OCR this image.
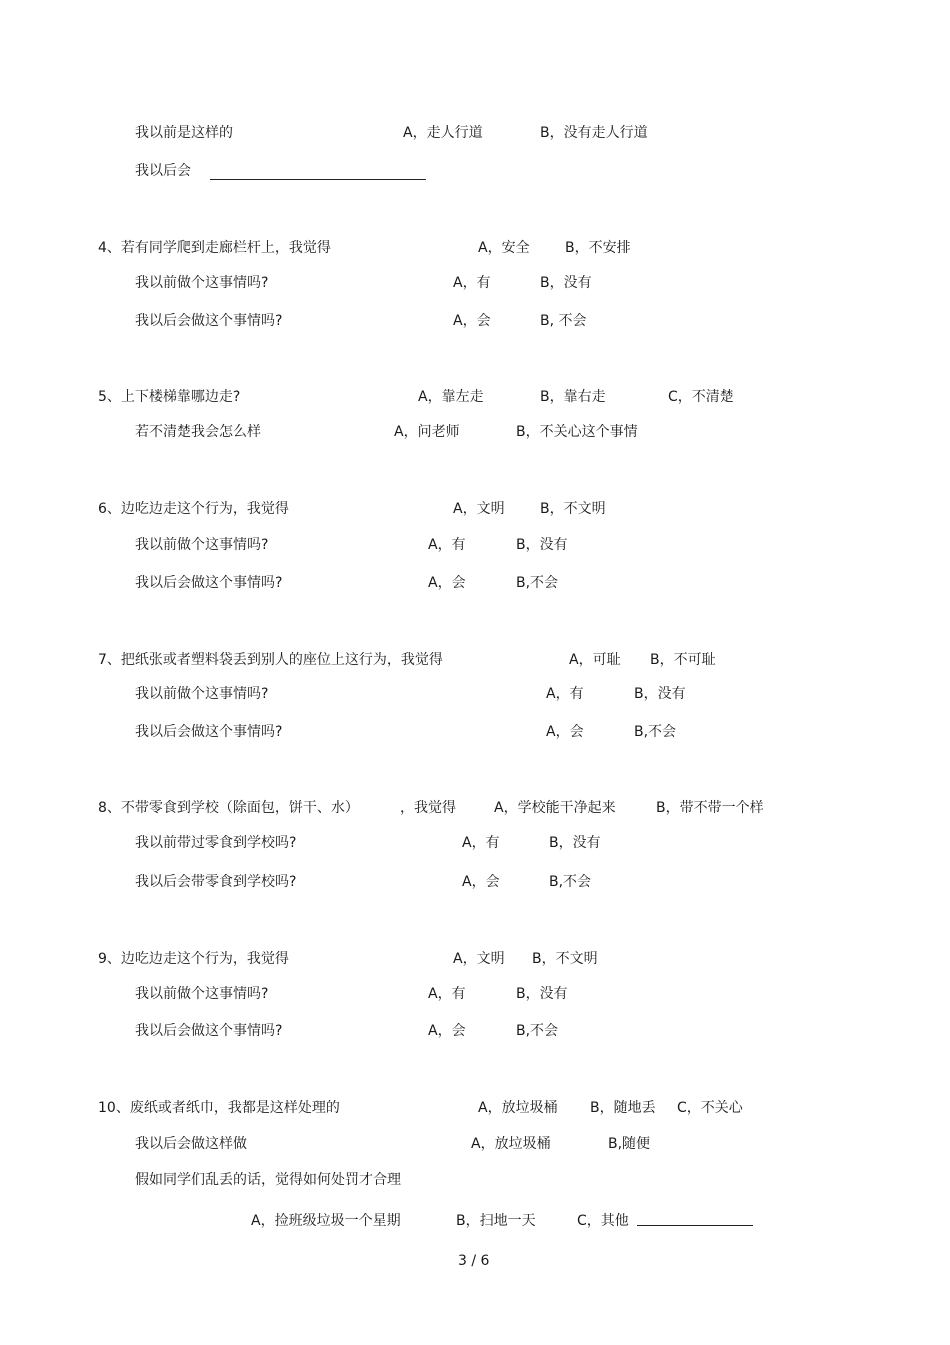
我以前是这样的	A，走人行道	B，没有走人行道
我以后会
4、若有同学爬到走廊栏杆上，我觉得	A，安全	B，不安排
我以前做个这事情吗?	A，有	B，没有
我以后会做这个事情吗?	A，会	B, 不会
5、上下楼梯靠哪边走?	A，靠左走	B，靠右走	C，不清楚
若不清楚我会怎么样	A，问老师	B，不关心这个事情
6、边吃边走这个行为，我觉得	A，文明	B，不文明
我以前做个这事情吗?	A，有	B，没有
我以后会做这个事情吗?	A，会	B,不会
7、把纸张或者塑料袋丢到别人的座位上这行为，我觉得	A，可耻 B，不可耻
我以前做个这事情吗?	A，有	B，没有
我以后会做这个事情吗?	A，会	B,不会
8、不带零食到学校（除面包，饼干、水）	，我觉得	A，学校能干净起来	B，带不带一个样
我以前带过零食到学校吗?	A，有	B，没有
我以后会带零食到学校吗?	A，会	B,不会
9、边吃边走这个行为，我觉得	A，文明 B，不文明
我以前做个这事情吗?	A，有	B，没有
我以后会做这个事情吗?	A，会	B,不会
10、废纸或者纸巾，我都是这样处理的	A，放垃圾桶 B，随地丢 C，不关心
我以后会做这样做	A，放垃圾桶	B,随便
假如同学们乱丢的话，觉得如何处罚才合理
A，捡班级垃圾一个星期	B，扫地一天	C，其他
3 / 6
